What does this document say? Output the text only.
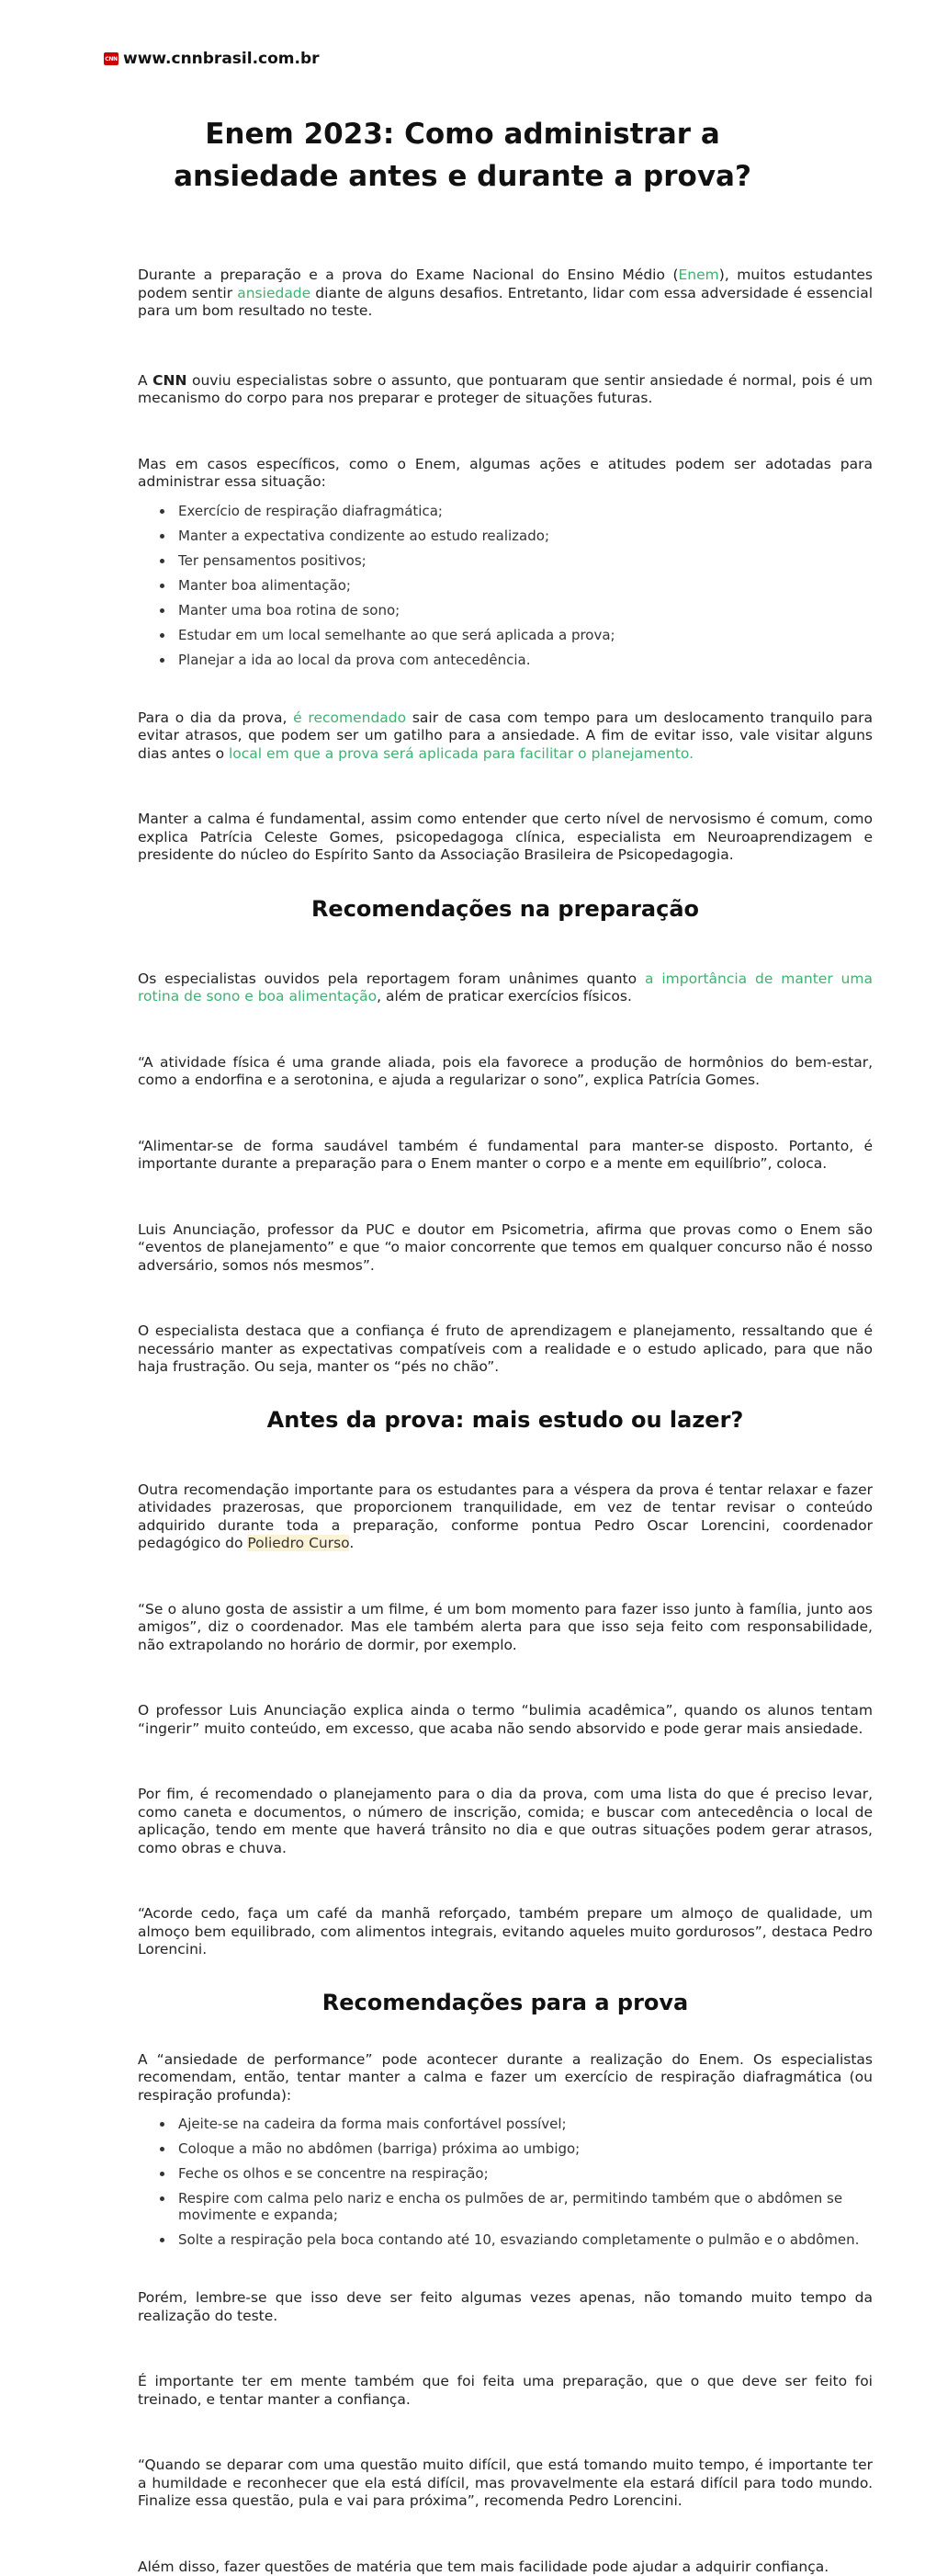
CNN www.cnnbrasil.com.br
Enem 2023: Como administrar a ansiedade antes e durante a prova?

Durante a preparação e a prova do Exame Nacional do Ensino Médio (Enem), muitos estudantes podem sentir ansiedade diante de alguns desafios. Entretanto, lidar com essa adversidade é essencial para um bom resultado no teste.

A CNN ouviu especialistas sobre o assunto, que pontuaram que sentir ansiedade é normal, pois é um mecanismo do corpo para nos preparar e proteger de situações futuras.

Mas em casos específicos, como o Enem, algumas ações e atitudes podem ser adotadas para administrar essa situação:

• Exercício de respiração diafragmática;
• Manter a expectativa condizente ao estudo realizado;
• Ter pensamentos positivos;
• Manter boa alimentação;
• Manter uma boa rotina de sono;
• Estudar em um local semelhante ao que será aplicada a prova;
• Planejar a ida ao local da prova com antecedência.

Para o dia da prova, é recomendado sair de casa com tempo para um deslocamento tranquilo para evitar atrasos, que podem ser um gatilho para a ansiedade. A fim de evitar isso, vale visitar alguns dias antes o local em que a prova será aplicada para facilitar o planejamento.

Manter a calma é fundamental, assim como entender que certo nível de nervosismo é comum, como explica Patrícia Celeste Gomes, psicopedagoga clínica, especialista em Neuroaprendizagem e presidente do núcleo do Espírito Santo da Associação Brasileira de Psicopedagogia.

Recomendações na preparação

Os especialistas ouvidos pela reportagem foram unânimes quanto a importância de manter uma rotina de sono e boa alimentação, além de praticar exercícios físicos.

“A atividade física é uma grande aliada, pois ela favorece a produção de hormônios do bem-estar, como a endorfina e a serotonina, e ajuda a regularizar o sono”, explica Patrícia Gomes.

“Alimentar-se de forma saudável também é fundamental para manter-se disposto. Portanto, é importante durante a preparação para o Enem manter o corpo e a mente em equilíbrio”, coloca.

Luis Anunciação, professor da PUC e doutor em Psicometria, afirma que provas como o Enem são “eventos de planejamento” e que “o maior concorrente que temos em qualquer concurso não é nosso adversário, somos nós mesmos”.

O especialista destaca que a confiança é fruto de aprendizagem e planejamento, ressaltando que é necessário manter as expectativas compatíveis com a realidade e o estudo aplicado, para que não haja frustração. Ou seja, manter os “pés no chão”.

Antes da prova: mais estudo ou lazer?

Outra recomendação importante para os estudantes para a véspera da prova é tentar relaxar e fazer atividades prazerosas, que proporcionem tranquilidade, em vez de tentar revisar o conteúdo adquirido durante toda a preparação, conforme pontua Pedro Oscar Lorencini, coordenador pedagógico do Poliedro Curso.

“Se o aluno gosta de assistir a um filme, é um bom momento para fazer isso junto à família, junto aos amigos”, diz o coordenador. Mas ele também alerta para que isso seja feito com responsabilidade, não extrapolando no horário de dormir, por exemplo.

O professor Luis Anunciação explica ainda o termo “bulimia acadêmica”, quando os alunos tentam “ingerir” muito conteúdo, em excesso, que acaba não sendo absorvido e pode gerar mais ansiedade.

Por fim, é recomendado o planejamento para o dia da prova, com uma lista do que é preciso levar, como caneta e documentos, o número de inscrição, comida; e buscar com antecedência o local de aplicação, tendo em mente que haverá trânsito no dia e que outras situações podem gerar atrasos, como obras e chuva.

“Acorde cedo, faça um café da manhã reforçado, também prepare um almoço de qualidade, um almoço bem equilibrado, com alimentos integrais, evitando aqueles muito gordurosos”, destaca Pedro Lorencini.

Recomendações para a prova

A “ansiedade de performance” pode acontecer durante a realização do Enem. Os especialistas recomendam, então, tentar manter a calma e fazer um exercício de respiração diafragmática (ou respiração profunda):

• Ajeite-se na cadeira da forma mais confortável possível;
• Coloque a mão no abdômen (barriga) próxima ao umbigo;
• Feche os olhos e se concentre na respiração;
• Respire com calma pelo nariz e encha os pulmões de ar, permitindo também que o abdômen se movimente e expanda;
• Solte a respiração pela boca contando até 10, esvaziando completamente o pulmão e o abdômen.

Porém, lembre-se que isso deve ser feito algumas vezes apenas, não tomando muito tempo da realização do teste.

É importante ter em mente também que foi feita uma preparação, que o que deve ser feito foi treinado, e tentar manter a confiança.

“Quando se deparar com uma questão muito difícil, que está tomando muito tempo, é importante ter a humildade e reconhecer que ela está difícil, mas provavelmente ela estará difícil para todo mundo. Finalize essa questão, pula e vai para próxima”, recomenda Pedro Lorencini.

Além disso, fazer questões de matéria que tem mais facilidade pode ajudar a adquirir confiança.
